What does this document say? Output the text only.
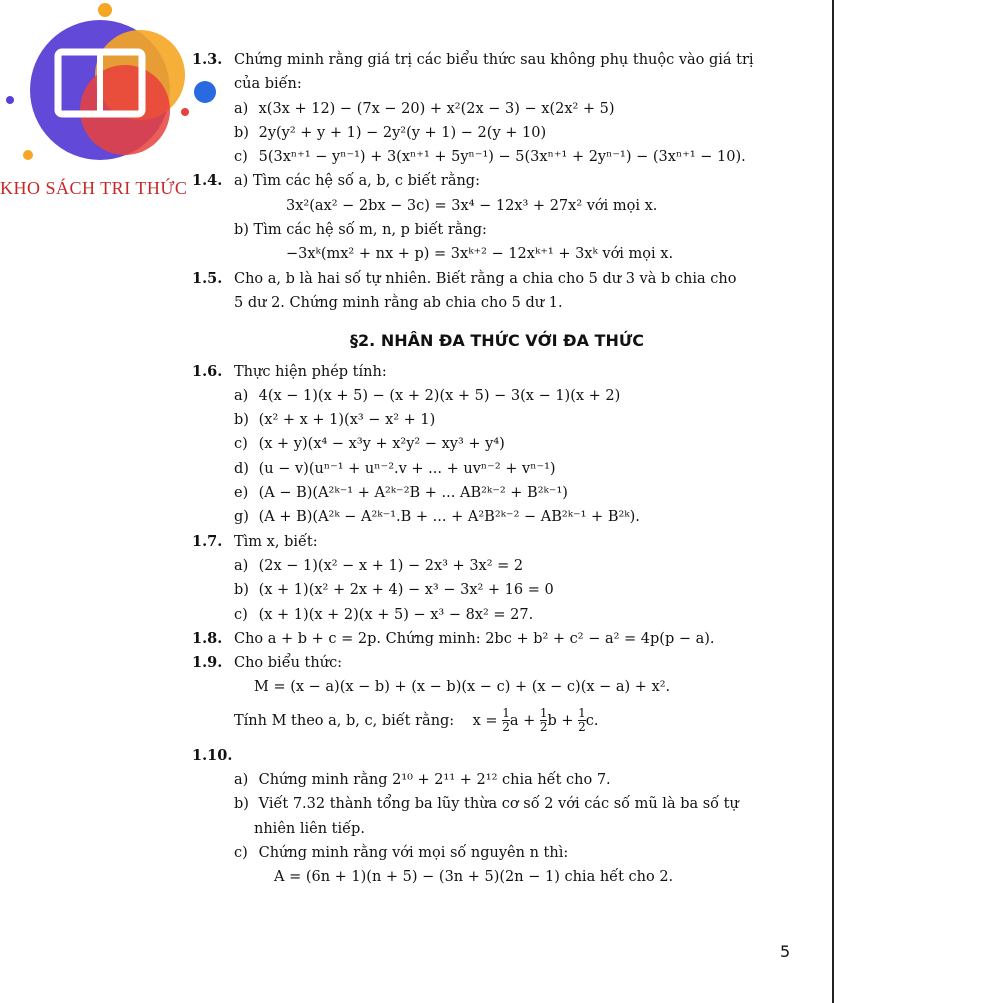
KHO SÁCH TRI THỨC
1.3. Chứng minh rằng giá trị các biểu thức sau không phụ thuộc vào giá trị
của biến:
a) x(3x + 12) − (7x − 20) + x²(2x − 3) − x(2x² + 5)
b) 2y(y² + y + 1) − 2y²(y + 1) − 2(y + 10)
c) 5(3xⁿ⁺¹ − yⁿ⁻¹) + 3(xⁿ⁺¹ + 5yⁿ⁻¹) − 5(3xⁿ⁺¹ + 2yⁿ⁻¹) − (3xⁿ⁺¹ − 10).
1.4. a) Tìm các hệ số a, b, c biết rằng:
3x²(ax² − 2bx − 3c) = 3x⁴ − 12x³ + 27x² với mọi x.
b) Tìm các hệ số m, n, p biết rằng:
−3xᵏ(mx² + nx + p) = 3xᵏ⁺² − 12xᵏ⁺¹ + 3xᵏ với mọi x.
1.5. Cho a, b là hai số tự nhiên. Biết rằng a chia cho 5 dư 3 và b chia cho
5 dư 2. Chứng minh rằng ab chia cho 5 dư 1.
§2. NHÂN ĐA THỨC VỚI ĐA THỨC
1.6. Thực hiện phép tính:
a) 4(x − 1)(x + 5) − (x + 2)(x + 5) − 3(x − 1)(x + 2)
b) (x² + x + 1)(x³ − x² + 1)
c) (x + y)(x⁴ − x³y + x²y² − xy³ + y⁴)
d) (u − v)(uⁿ⁻¹ + uⁿ⁻².v + ... + uvⁿ⁻² + vⁿ⁻¹)
e) (A − B)(A²ᵏ⁻¹ + A²ᵏ⁻²B + ... AB²ᵏ⁻² + B²ᵏ⁻¹)
g) (A + B)(A²ᵏ − A²ᵏ⁻¹.B + ... + A²B²ᵏ⁻² − AB²ᵏ⁻¹ + B²ᵏ).
1.7. Tìm x, biết:
a) (2x − 1)(x² − x + 1) − 2x³ + 3x² = 2
b) (x + 1)(x² + 2x + 4) − x³ − 3x² + 16 = 0
c) (x + 1)(x + 2)(x + 5) − x³ − 8x² = 27.
1.8. Cho a + b + c = 2p. Chứng minh: 2bc + b² + c² − a² = 4p(p − a).
1.9. Cho biểu thức:
M = (x − a)(x − b) + (x − b)(x − c) + (x − c)(x − a) + x².
Tính M theo a, b, c, biết rằng: $x = \frac{1}{2}$ $a + \frac{1}{2}$ $b + \frac{1}{2} c$.
1.10.
a) Chứng minh rằng 2¹⁰ + 2¹¹ + 2¹² chia hết cho 7.
b) Viết 7.32 thành tổng ba lũy thừa cơ số 2 với các số mũ là ba số tự
nhiên liên tiếp.
c) Chứng minh rằng với mọi số nguyên n thì:
A = (6n + 1)(n + 5) − (3n + 5)(2n − 1) chia hết cho 2.
5
